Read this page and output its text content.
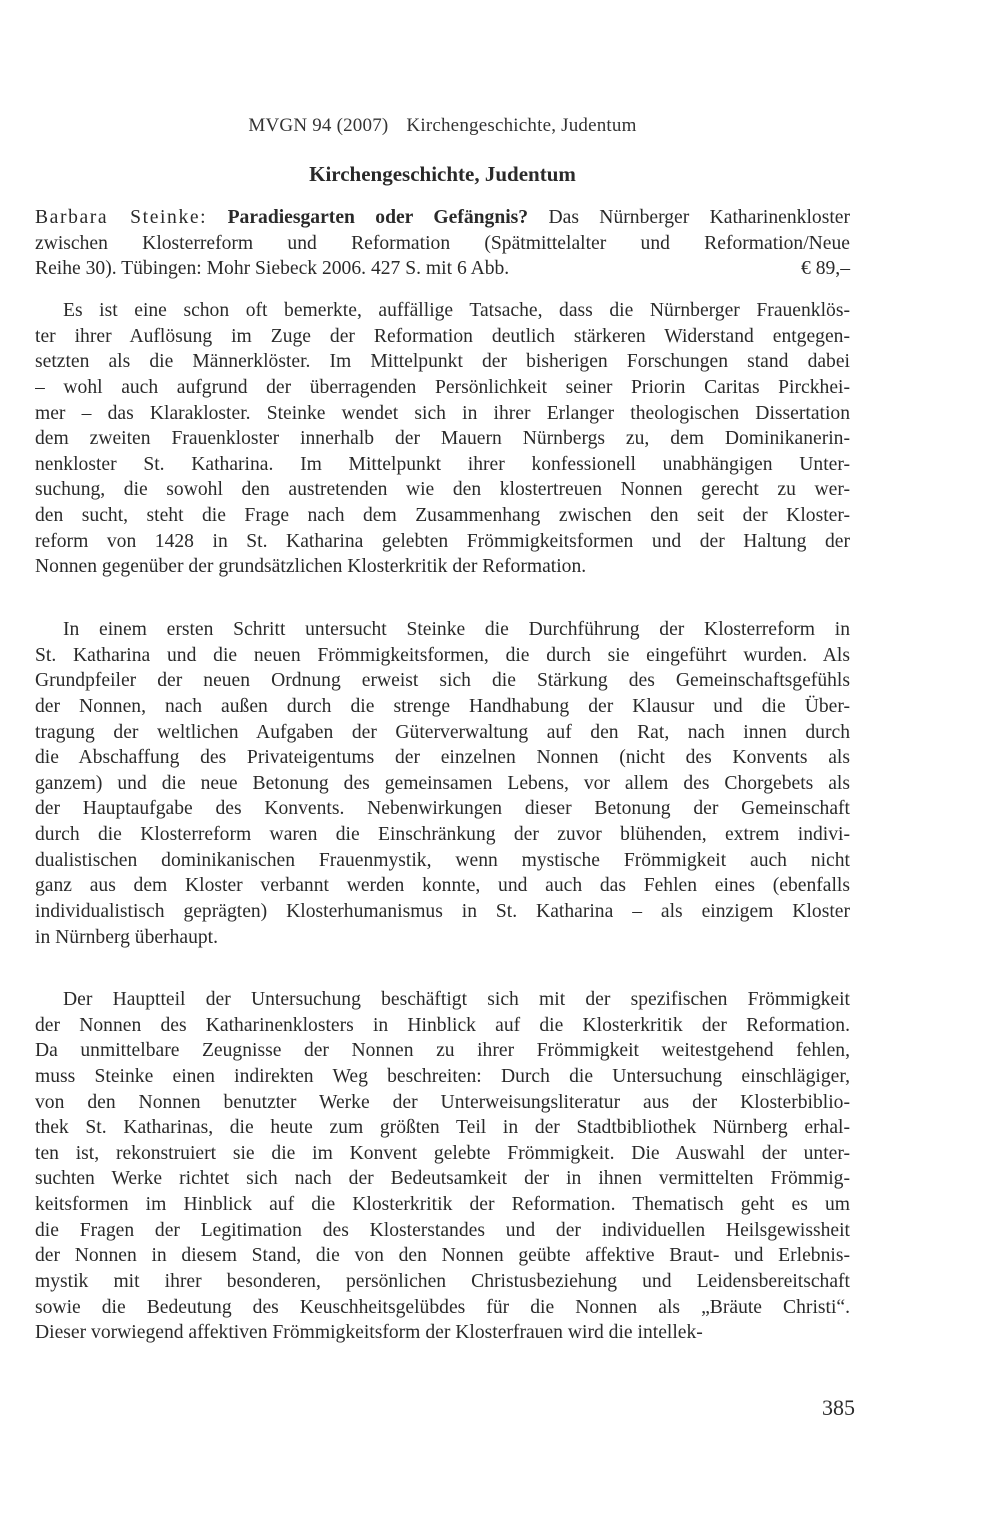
MVGN 94 (2007) Kirchengeschichte, Judentum
Kirchengeschichte, Judentum
Barbara Steinke: Paradiesgarten oder Gefängnis? Das Nürnberger Katharinenkloster
zwischen Klosterreform und Reformation (Spätmittelalter und Reformation/Neue
Reihe 30). Tübingen: Mohr Siebeck 2006. 427 S. mit 6 Abb.	€ 89,–
Es ist eine schon oft bemerkte, auffällige Tatsache, dass die Nürnberger Frauenklös-
ter ihrer Auflösung im Zuge der Reformation deutlich stärkeren Widerstand entgegen-
setzten als die Männerklöster. Im Mittelpunkt der bisherigen Forschungen stand dabei
– wohl auch aufgrund der überragenden Persönlichkeit seiner Priorin Caritas Pirckhei-
mer – das Klarakloster. Steinke wendet sich in ihrer Erlanger theologischen Dissertation
dem zweiten Frauenkloster innerhalb der Mauern Nürnbergs zu, dem Dominikanerin-
nenkloster St. Katharina. Im Mittelpunkt ihrer konfessionell unabhängigen Unter-
suchung, die sowohl den austretenden wie den klostertreuen Nonnen gerecht zu wer-
den sucht, steht die Frage nach dem Zusammenhang zwischen den seit der Kloster-
reform von 1428 in St. Katharina gelebten Frömmigkeitsformen und der Haltung der
Nonnen gegenüber der grundsätzlichen Klosterkritik der Reformation.
In einem ersten Schritt untersucht Steinke die Durchführung der Klosterreform in
St. Katharina und die neuen Frömmigkeitsformen, die durch sie eingeführt wurden. Als
Grundpfeiler der neuen Ordnung erweist sich die Stärkung des Gemeinschaftsgefühls
der Nonnen, nach außen durch die strenge Handhabung der Klausur und die Über-
tragung der weltlichen Aufgaben der Güterverwaltung auf den Rat, nach innen durch
die Abschaffung des Privateigentums der einzelnen Nonnen (nicht des Konvents als
ganzem) und die neue Betonung des gemeinsamen Lebens, vor allem des Chorgebets als
der Hauptaufgabe des Konvents. Nebenwirkungen dieser Betonung der Gemeinschaft
durch die Klosterreform waren die Einschränkung der zuvor blühenden, extrem indivi-
dualistischen dominikanischen Frauenmystik, wenn mystische Frömmigkeit auch nicht
ganz aus dem Kloster verbannt werden konnte, und auch das Fehlen eines (ebenfalls
individualistisch geprägten) Klosterhumanismus in St. Katharina – als einzigem Kloster
in Nürnberg überhaupt.
Der Hauptteil der Untersuchung beschäftigt sich mit der spezifischen Frömmigkeit
der Nonnen des Katharinenklosters in Hinblick auf die Klosterkritik der Reformation.
Da unmittelbare Zeugnisse der Nonnen zu ihrer Frömmigkeit weitestgehend fehlen,
muss Steinke einen indirekten Weg beschreiten: Durch die Untersuchung einschlägiger,
von den Nonnen benutzter Werke der Unterweisungsliteratur aus der Klosterbiblio-
thek St. Katharinas, die heute zum größten Teil in der Stadtbibliothek Nürnberg erhal-
ten ist, rekonstruiert sie die im Konvent gelebte Frömmigkeit. Die Auswahl der unter-
suchten Werke richtet sich nach der Bedeutsamkeit der in ihnen vermittelten Frömmig-
keitsformen im Hinblick auf die Klosterkritik der Reformation. Thematisch geht es um
die Fragen der Legitimation des Klosterstandes und der individuellen Heilsgewissheit
der Nonnen in diesem Stand, die von den Nonnen geübte affektive Braut- und Erlebnis-
mystik mit ihrer besonderen, persönlichen Christusbeziehung und Leidensbereitschaft
sowie die Bedeutung des Keuschheitsgelübdes für die Nonnen als „Bräute Christi“.
Dieser vorwiegend affektiven Frömmigkeitsform der Klosterfrauen wird die intellek-
385
